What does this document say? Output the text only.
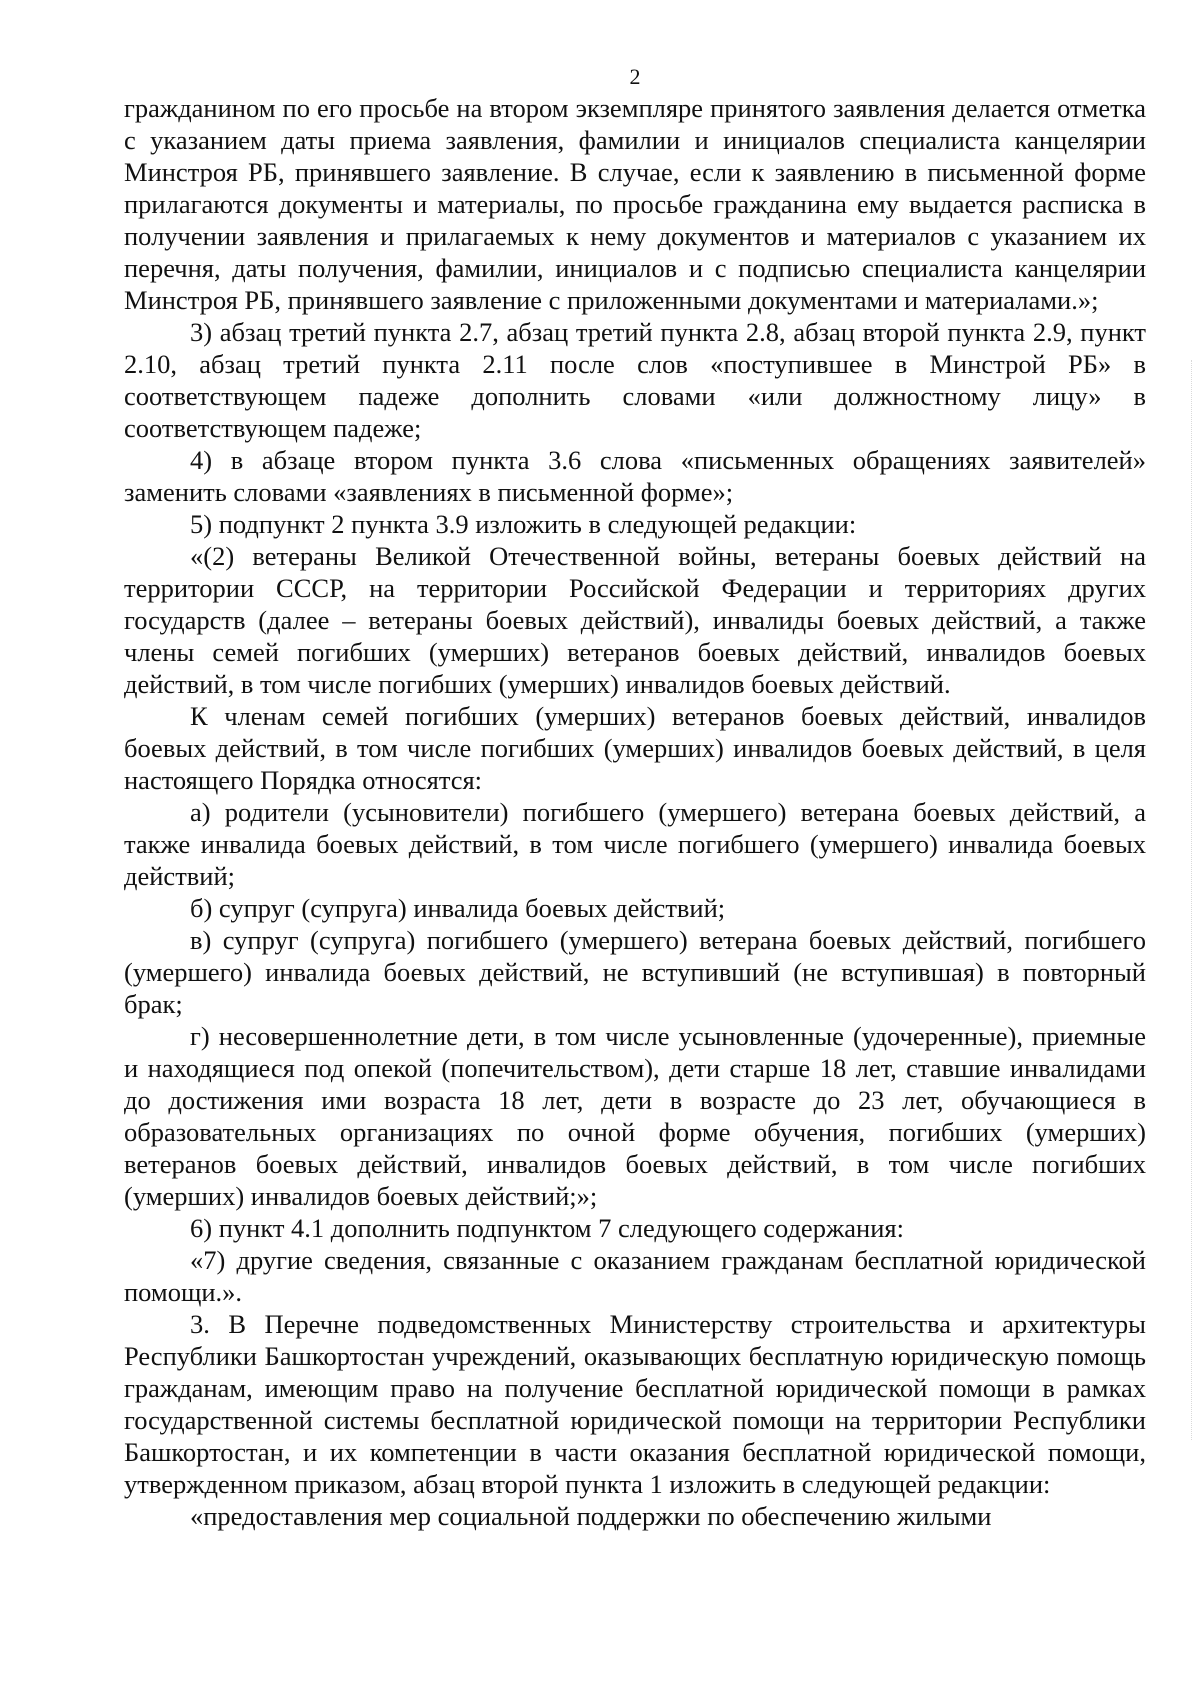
2

гражданином по его просьбе на втором экземпляре принятого заявления делается отметка с указанием даты приема заявления, фамилии и инициалов специалиста канцелярии Минстроя РБ, принявшего заявление. В случае, если к заявлению в письменной форме прилагаются документы и материалы, по просьбе гражданина ему выдается расписка в получении заявления и прилагаемых к нему документов и материалов с указанием их перечня, даты получения, фамилии, инициалов и с подписью специалиста канцелярии Минстроя РБ, принявшего заявление с приложенными документами и материалами.»;

3) абзац третий пункта 2.7, абзац третий пункта 2.8, абзац второй пункта 2.9, пункт 2.10, абзац третий пункта 2.11 после слов «поступившее в Минстрой РБ» в соответствующем падеже дополнить словами «или должностному лицу» в соответствующем падеже;

4) в абзаце втором пункта 3.6 слова «письменных обращениях заявителей» заменить словами «заявлениях в письменной форме»;

5) подпункт 2 пункта 3.9 изложить в следующей редакции:

«(2) ветераны Великой Отечественной войны, ветераны боевых действий на территории СССР, на территории Российской Федерации и территориях других государств (далее – ветераны боевых действий), инвалиды боевых действий, а также члены семей погибших (умерших) ветеранов боевых действий, инвалидов боевых действий, в том числе погибших (умерших) инвалидов боевых действий.

К членам семей погибших (умерших) ветеранов боевых действий, инвалидов боевых действий, в том числе погибших (умерших) инвалидов боевых действий, в целя настоящего Порядка относятся:

а) родители (усыновители) погибшего (умершего) ветерана боевых действий, а также инвалида боевых действий, в том числе погибшего (умершего) инвалида боевых действий;

б) супруг (супруга) инвалида боевых действий;

в) супруг (супруга) погибшего (умершего) ветерана боевых действий, погибшего (умершего) инвалида боевых действий, не вступивший (не вступившая) в повторный брак;

г) несовершеннолетние дети, в том числе усыновленные (удочеренные), приемные и находящиеся под опекой (попечительством), дети старше 18 лет, ставшие инвалидами до достижения ими возраста 18 лет, дети в возрасте до 23 лет, обучающиеся в образовательных организациях по очной форме обучения, погибших (умерших) ветеранов боевых действий, инвалидов боевых действий, в том числе погибших (умерших) инвалидов боевых действий;»;

6) пункт 4.1 дополнить подпунктом 7 следующего содержания:

«7) другие сведения, связанные с оказанием гражданам бесплатной юридической помощи.».

3. В Перечне подведомственных Министерству строительства и архитектуры Республики Башкортостан учреждений, оказывающих бесплатную юридическую помощь гражданам, имеющим право на получение бесплатной юридической помощи в рамках государственной системы бесплатной юридической помощи на территории Республики Башкортостан, и их компетенции в части оказания бесплатной юридической помощи, утвержденном приказом, абзац второй пункта 1 изложить в следующей редакции:

«предоставления мер социальной поддержки по обеспечению жилыми
